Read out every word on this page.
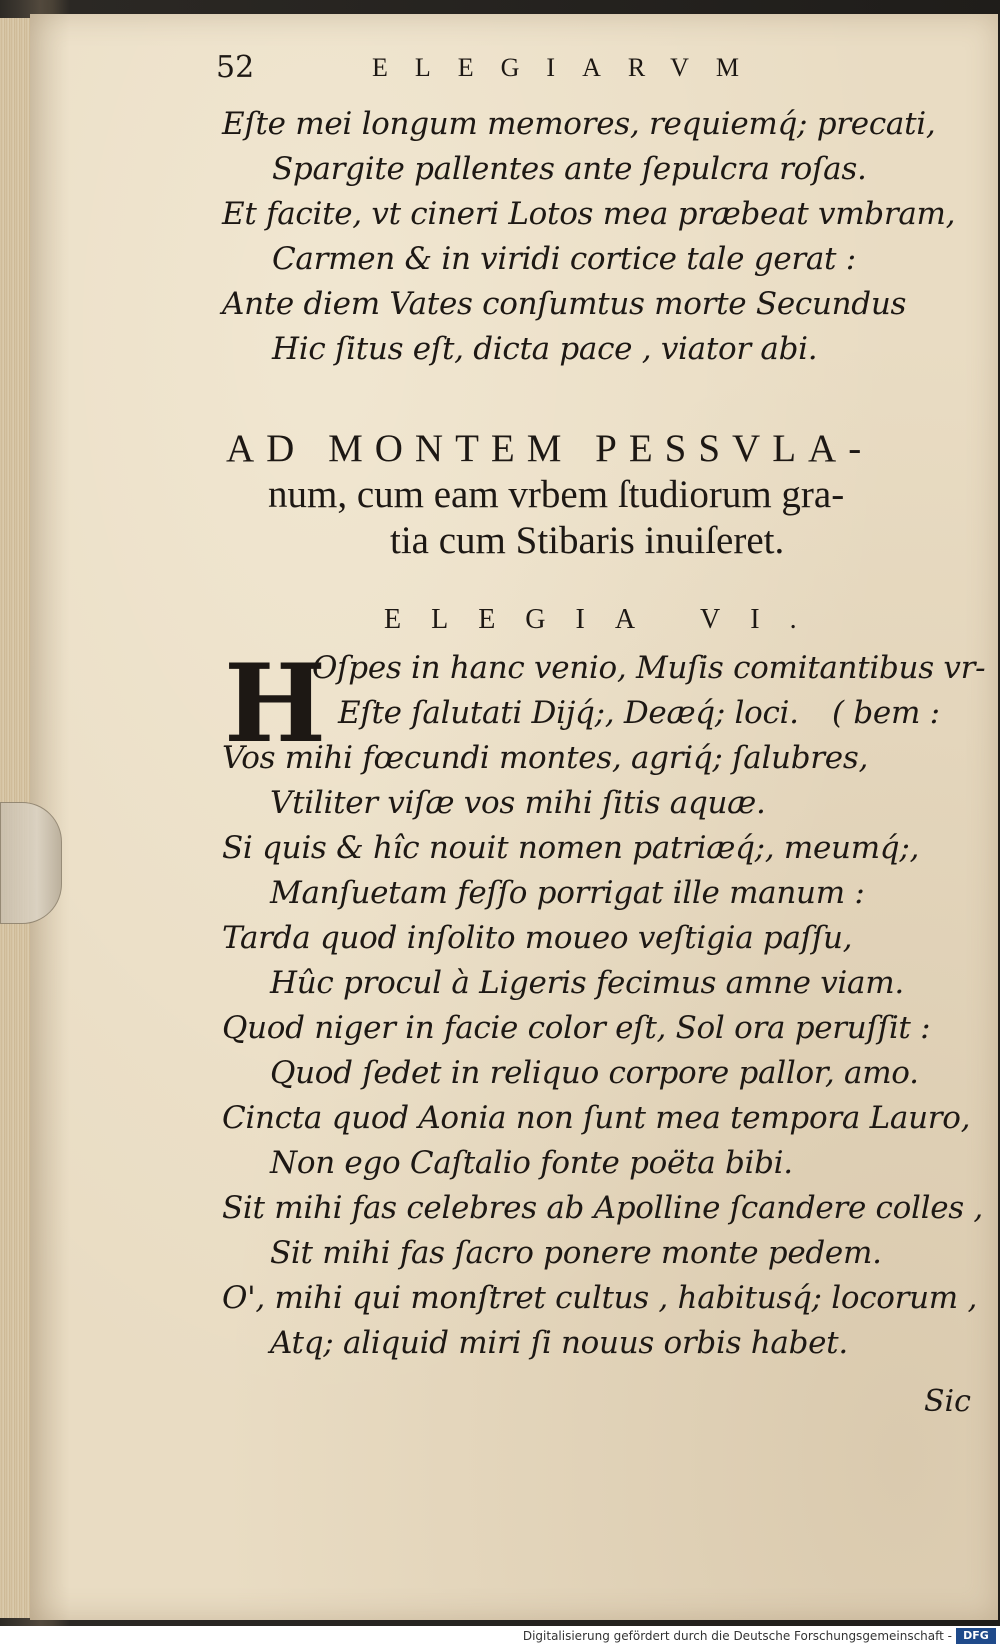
52	ELEGIARVM
Eſte mei longum memores, requiemq́; precati,
Spargite pallentes ante ſepulcra roſas.
Et facite, vt cineri Lotos mea præbeat vmbram,
Carmen & in viridi cortice tale gerat :
Ante diem Vates conſumtus morte Secundus
Hic ſitus eſt, dicta pace , viator abi.
AD MONTEM PESSVLA-
num, cum eam vrbem ſtudiorum gra-
tia cum Stibaris inuiſeret.
ELEGIA VI.
H
Oſpes in hanc venio, Muſis comitantibus vr-
Eſte ſalutati Dijq́;, Deæq́; loci. ( bem :
Vos mihi fœcundi montes, agriq́; ſalubres,
Vtiliter viſæ vos mihi ſitis aquæ.
Si quis & hîc nouit nomen patriæq́;, meumq́;,
Manſuetam feſſo porrigat ille manum :
Tarda quod inſolito moueo veſtigia paſſu,
Hûc procul à Ligeris fecimus amne viam.
Quod niger in facie color eſt, Sol ora peruſſit :
Quod ſedet in reliquo corpore pallor, amo.
Cincta quod Aonia non ſunt mea tempora Lauro,
Non ego Caſtalio fonte poëta bibi.
Sit mihi fas celebres ab Apolline ſcandere colles ,
Sit mihi fas ſacro ponere monte pedem.
O', mihi qui monſtret cultus , habitusq́; locorum ,
Atq; aliquid miri ſi nouus orbis habet.
Sic
Digitalisierung gefördert durch die Deutsche Forschungsgemeinschaft -	DFG
